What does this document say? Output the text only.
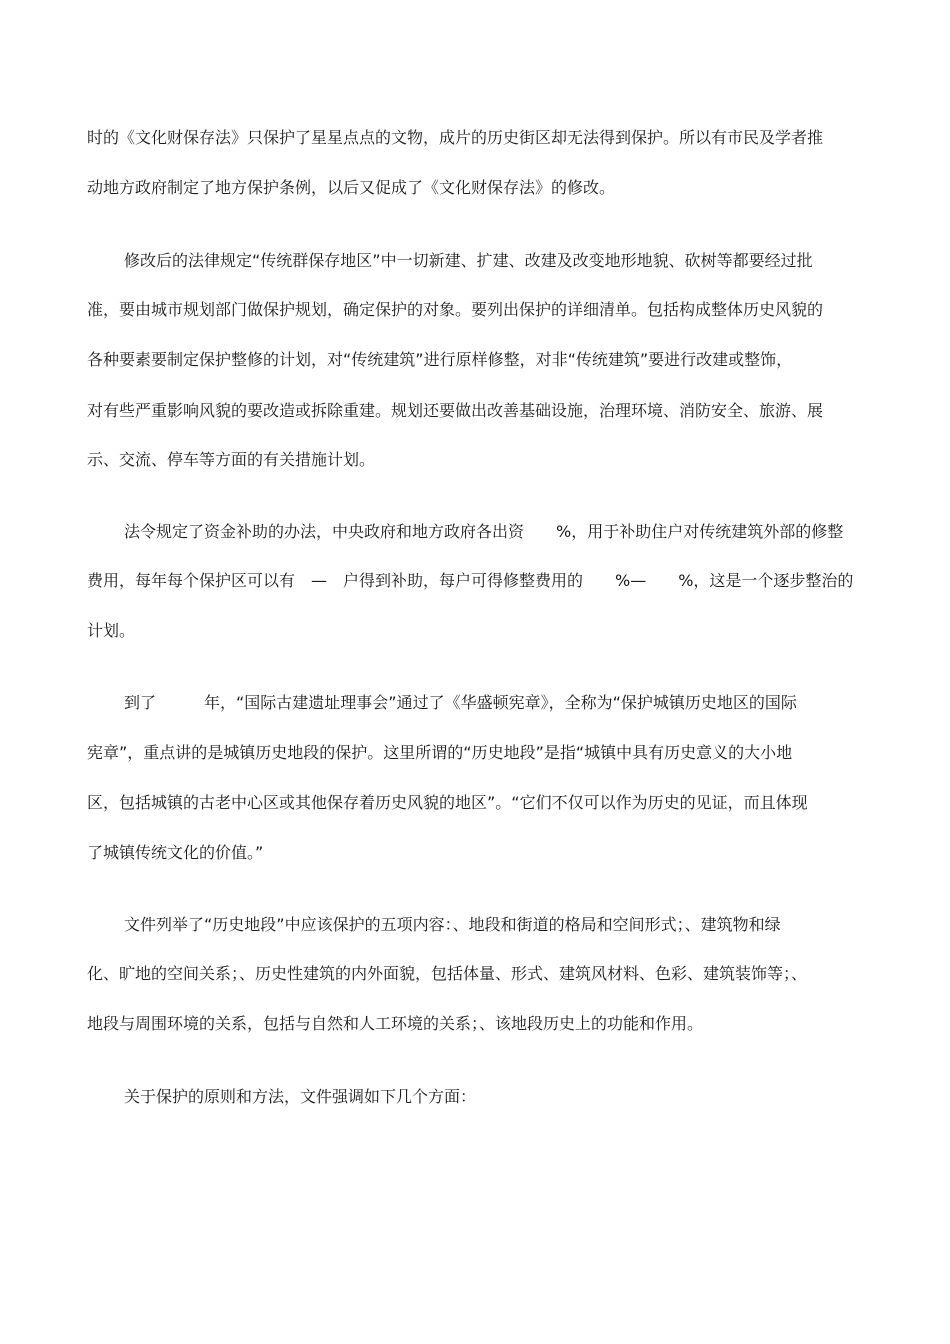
时的《文化财保存法》只保护了星星点点的文物，成片的历史街区却无法得到保护。所以有市民及学者推
动地方政府制定了地方保护条例，以后又促成了《文化财保存法》的修改。
修改后的法律规定“传统群保存地区”中一切新建、扩建、改建及改变地形地貌、砍树等都要经过批
准，要由城市规划部门做保护规划，确定保护的对象。要列出保护的详细清单。包括构成整体历史风貌的
各种要素要制定保护整修的计划，对“传统建筑”进行原样修整，对非“传统建筑”要进行改建或整饰，
对有些严重影响风貌的要改造或拆除重建。规划还要做出改善基础设施，治理环境、消防安全、旅游、展
示、交流、停车等方面的有关措施计划。
法令规定了资金补助的办法，中央政府和地方政府各出资　　%，用于补助住户对传统建筑外部的修整
费用，每年每个保护区可以有　—　户得到补助，每户可得修整费用的　　%—　　%，这是一个逐步整治的
计划。
到了　　　年，“国际古建遗址理事会”通过了《华盛顿宪章》，全称为“保护城镇历史地区的国际
宪章”，重点讲的是城镇历史地段的保护。这里所谓的“历史地段”是指“城镇中具有历史意义的大小地
区，包括城镇的古老中心区或其他保存着历史风貌的地区”。“它们不仅可以作为历史的见证，而且体现
了城镇传统文化的价值。”
文件列举了“历史地段”中应该保护的五项内容：、地段和街道的格局和空间形式；、建筑物和绿
化、旷地的空间关系；、历史性建筑的内外面貌，包括体量、形式、建筑风材料、色彩、建筑装饰等；、
地段与周围环境的关系，包括与自然和人工环境的关系；、该地段历史上的功能和作用。
关于保护的原则和方法，文件强调如下几个方面：
